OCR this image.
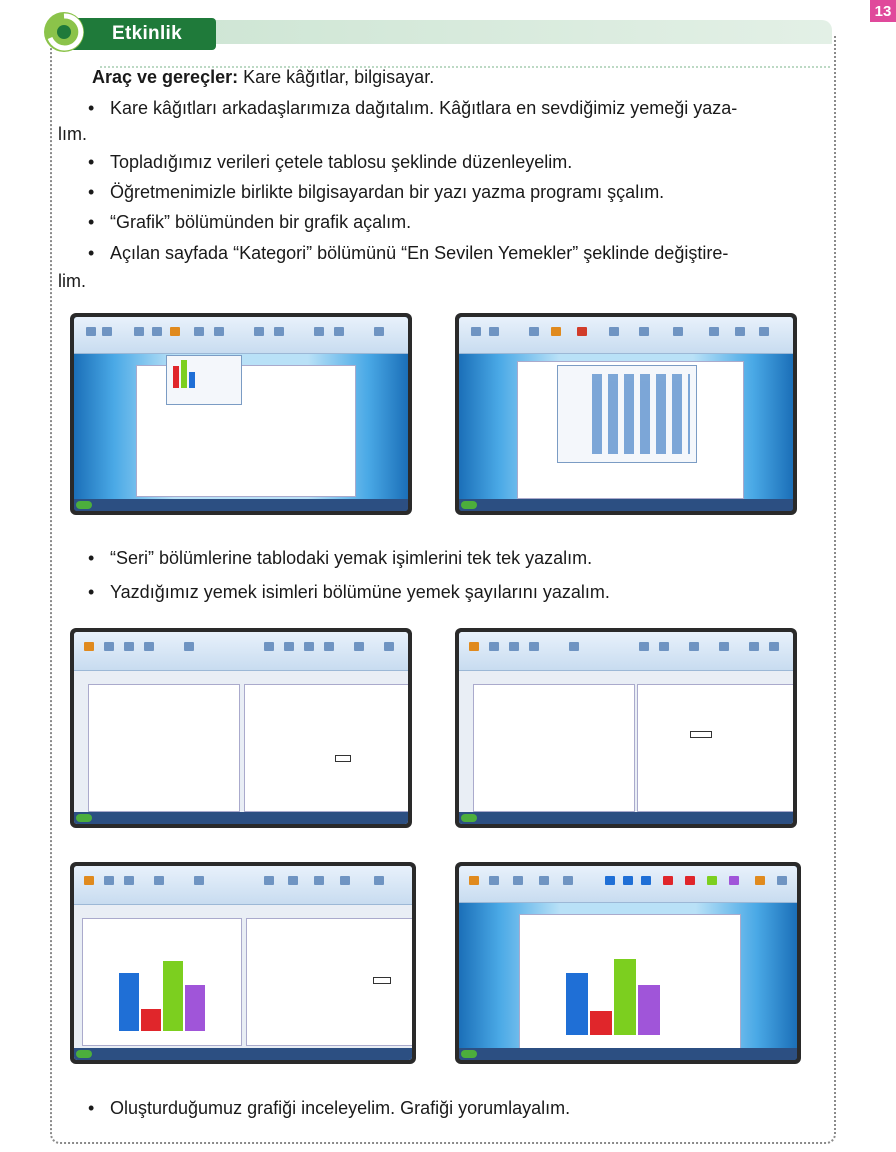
13
Etkinlik
Araç ve gereçler: Kare kâğıtlar, bilgisayar.
• Kare kâğıtları arkadaşlarımıza dağıtalım. Kâğıtlara en sevdiğimiz yemeği yaza-
lım.
• Topladığımız verileri çetele tablosu şeklinde düzenleyelim.
• Öğretmenimizle birlikte bilgisayardan bir yazı yazma programı şçalım.
• “Grafik” bölümünden bir grafik açalım.
• Açılan sayfada “Kategori” bölümünü “En Sevilen Yemekler” şeklinde değiştire-
lim.
• “Seri” bölümlerine tablodaki yemak işimlerini tek tek yazalım.
• Yazdığımız yemek isimleri bölümüne yemek şayılarını yazalım.
• Oluşturduğumuz grafiği inceleyelim. Grafiği yorumlayalım.
